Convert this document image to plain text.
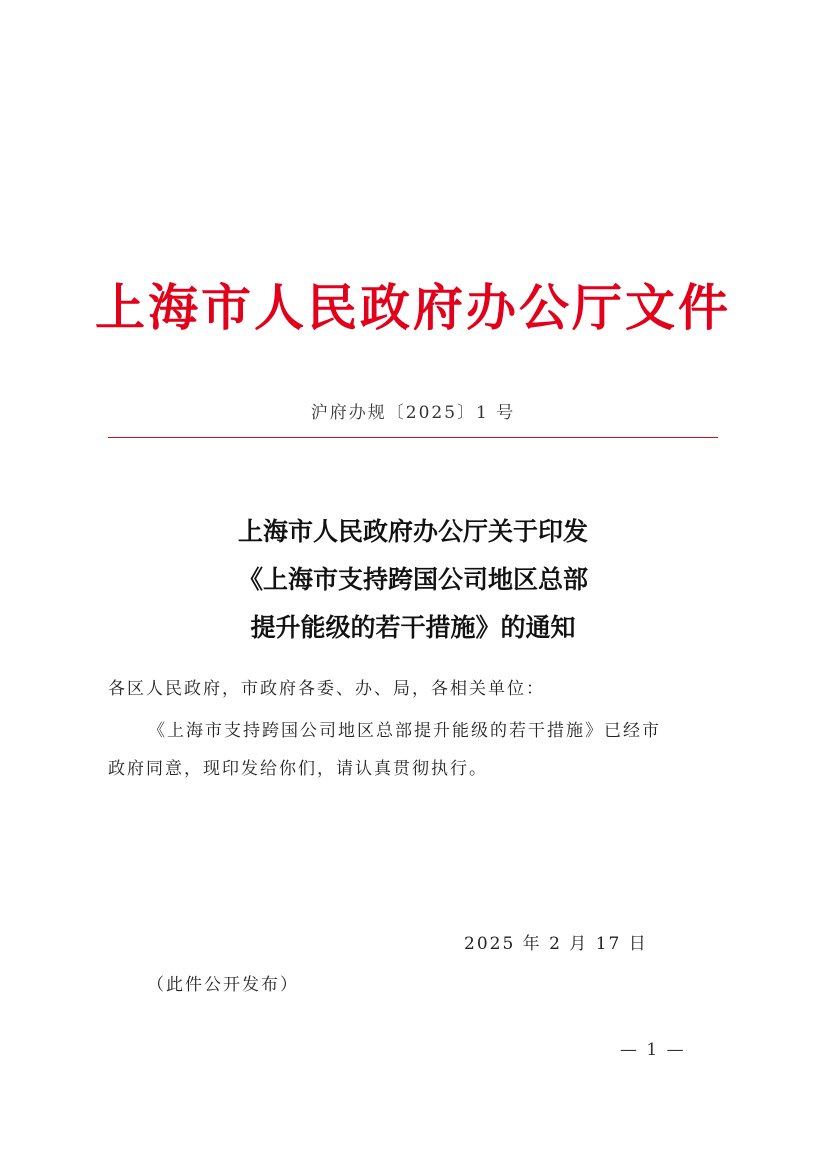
上海市人民政府办公厅文件
沪府办规〔2025〕1 号
上海市人民政府办公厅关于印发
《上海市支持跨国公司地区总部
提升能级的若干措施》的通知
各区人民政府，市政府各委、办、局，各相关单位：
《上海市支持跨国公司地区总部提升能级的若干措施》已经市
政府同意，现印发给你们，请认真贯彻执行。
2025 年 2 月 17 日
（此件公开发布）
— 1 —
